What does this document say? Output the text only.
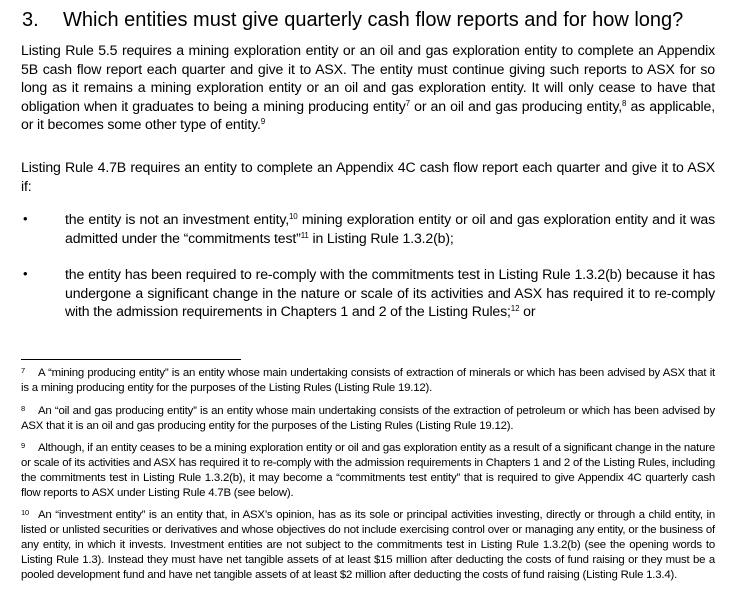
3.	Which entities must give quarterly cash flow reports and for how long?

Listing Rule 5.5 requires a mining exploration entity or an oil and gas exploration entity to complete an Appendix 5B cash flow report each quarter and give it to ASX. The entity must continue giving such reports to ASX for so long as it remains a mining exploration entity or an oil and gas exploration entity. It will only cease to have that obligation when it graduates to being a mining producing entity$^7$ or an oil and gas producing entity,$^8$ as applicable, or it becomes some other type of entity.$^9$

Listing Rule 4.7B requires an entity to complete an Appendix 4C cash flow report each quarter and give it to ASX if:

•	the entity is not an investment entity,$^{10}$ mining exploration entity or oil and gas exploration entity and it was admitted under the “commitments test”$^{11}$ in Listing Rule 1.3.2(b);
•	the entity has been required to re-comply with the commitments test in Listing Rule 1.3.2(b) because it has undergone a significant change in the nature or scale of its activities and ASX has required it to re-comply with the admission requirements in Chapters 1 and 2 of the Listing Rules;$^{12}$ or

7 A “mining producing entity” is an entity whose main undertaking consists of extraction of minerals or which has been advised by ASX that it is a mining producing entity for the purposes of the Listing Rules (Listing Rule 19.12).

8 An “oil and gas producing entity” is an entity whose main undertaking consists of the extraction of petroleum or which has been advised by ASX that it is an oil and gas producing entity for the purposes of the Listing Rules (Listing Rule 19.12).

9 Although, if an entity ceases to be a mining exploration entity or oil and gas exploration entity as a result of a significant change in the nature or scale of its activities and ASX has required it to re-comply with the admission requirements in Chapters 1 and 2 of the Listing Rules, including the commitments test in Listing Rule 1.3.2(b), it may become a “commitments test entity” that is required to give Appendix 4C quarterly cash flow reports to ASX under Listing Rule 4.7B (see below).

10 An “investment entity” is an entity that, in ASX’s opinion, has as its sole or principal activities investing, directly or through a child entity, in listed or unlisted securities or derivatives and whose objectives do not include exercising control over or managing any entity, or the business of any entity, in which it invests. Investment entities are not subject to the commitments test in Listing Rule 1.3.2(b) (see the opening words to Listing Rule 1.3). Instead they must have net tangible assets of at least $15 million after deducting the costs of fund raising or they must be a pooled development fund and have net tangible assets of at least $2 million after deducting the costs of fund raising (Listing Rule 1.3.4).
